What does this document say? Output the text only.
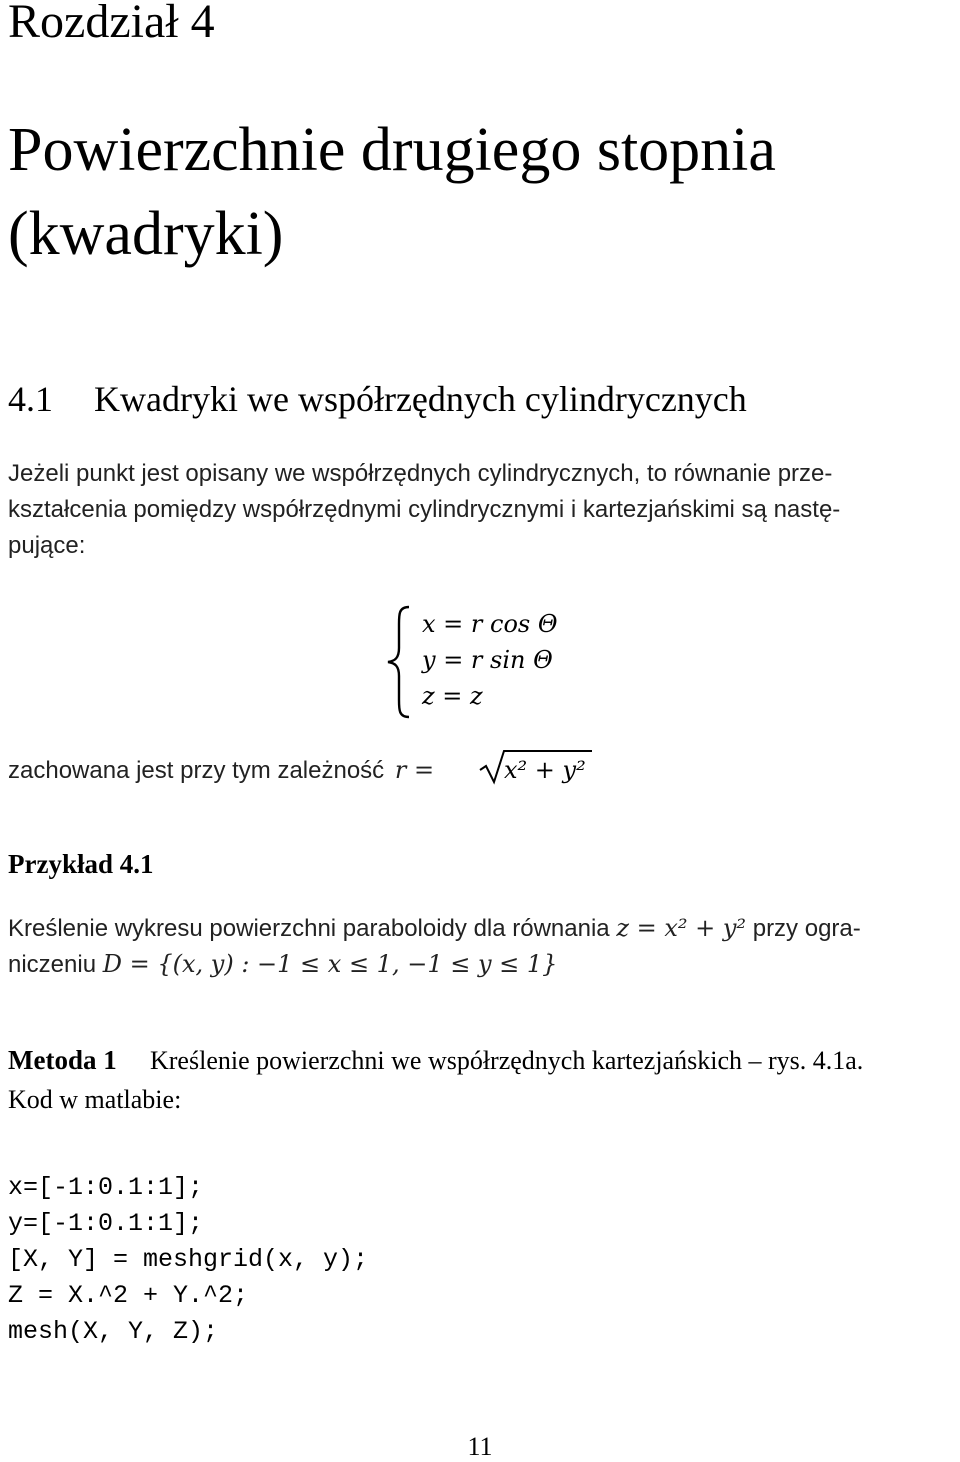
Rozdział 4
Powierzchnie drugiego stopnia
(kwadryki)
4.1 Kwadryki we współrzędnych cylindrycznych
Jeżeli punkt jest opisany we współrzędnych cylindrycznych, to równanie prze-
kształcenia pomiędzy współrzędnymi cylindrycznymi i kartezjańskimi są nastę-
pujące:
x = r cos Θ
y = r sin Θ
z = z
zachowana jest przy tym zależność r =	x² + y²
Przykład 4.1
Kreślenie wykresu powierzchni paraboloidy dla równania z = x² + y² przy ogra-
niczeniu D = {(x, y) : −1 ≤ x ≤ 1, −1 ≤ y ≤ 1}
Metoda 1 Kreślenie powierzchni we współrzędnych kartezjańskich – rys. 4.1a.
Kod w matlabie:
x=[-1:0.1:1];
y=[-1:0.1:1];
[X, Y] = meshgrid(x, y);
Z = X.^2 + Y.^2;
mesh(X, Y, Z);
11
